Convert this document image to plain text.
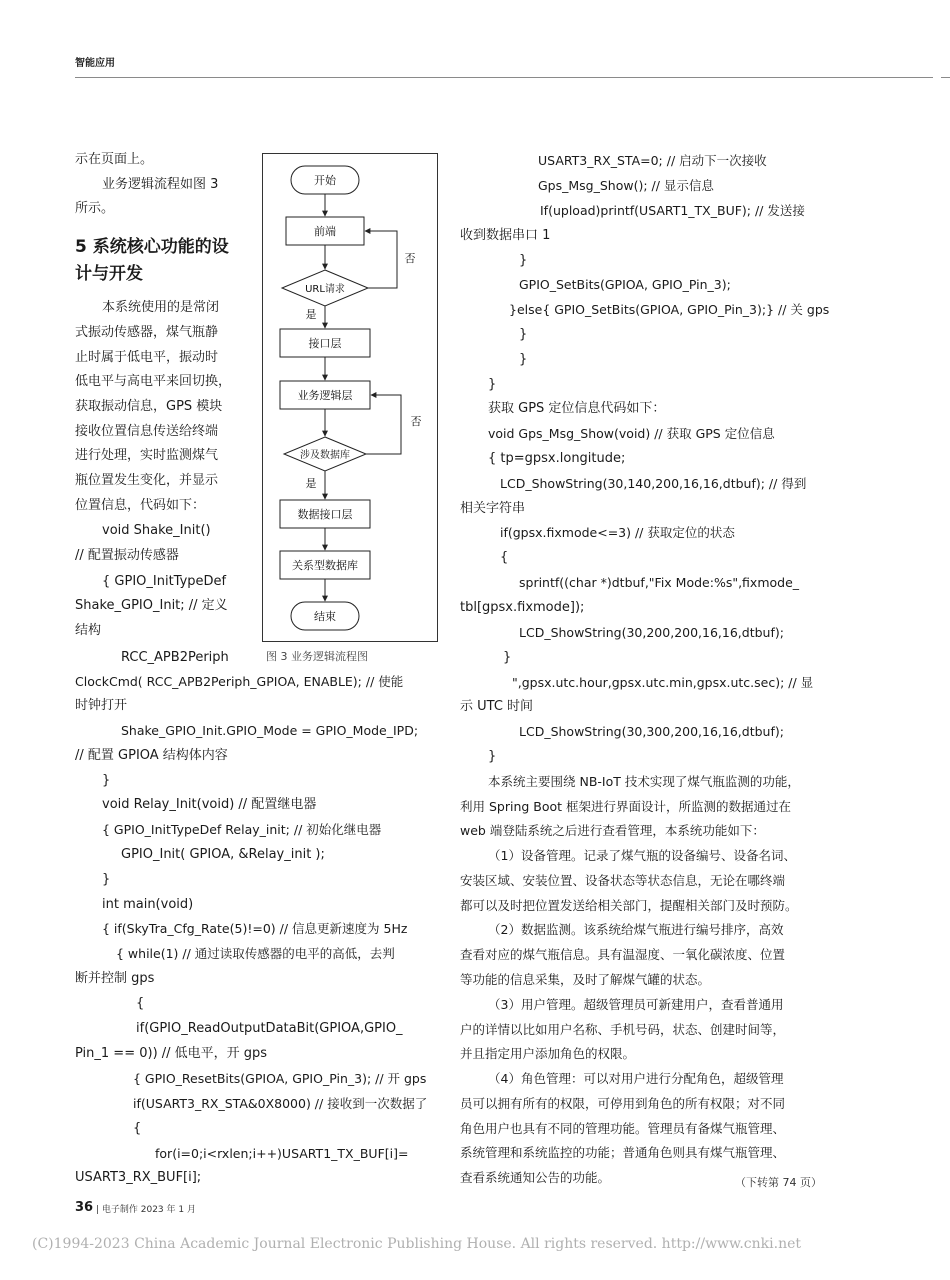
智能应用
示在页面上。
业务逻辑流程如图 3
所示。
5 系统核心功能的设
计与开发
本系统使用的是常闭
式振动传感器，煤气瓶静
止时属于低电平，振动时
低电平与高电平来回切换，
获取振动信息，GPS 模块
接收位置信息传送给终端
进行处理，实时监测煤气
瓶位置发生变化，并显示
位置信息，代码如下：
void Shake_Init()
// 配置振动传感器
{ GPIO_InitTypeDef
Shake_GPIO_Init; // 定义
结构
RCC_APB2Periph
ClockCmd( RCC_APB2Periph_GPIOA, ENABLE); // 使能
时钟打开
Shake_GPIO_Init.GPIO_Mode = GPIO_Mode_IPD;
// 配置 GPIOA 结构体内容
}
void Relay_Init(void) // 配置继电器
{ GPIO_InitTypeDef Relay_init; // 初始化继电器
GPIO_Init( GPIOA, &Relay_init );
}
int main(void)
{ if(SkyTra_Cfg_Rate(5)!=0) // 信息更新速度为 5Hz
{ while(1) // 通过读取传感器的电平的高低，去判
断并控制 gps
{
if(GPIO_ReadOutputDataBit(GPIOA,GPIO_
Pin_1 == 0)) // 低电平，开 gps
{ GPIO_ResetBits(GPIOA, GPIO_Pin_3); // 开 gps
if(USART3_RX_STA&0X8000) // 接收到一次数据了
{
for(i=0;i<rxlen;i++)USART1_TX_BUF[i]=
USART3_RX_BUF[i];
开始
前端
URL请求
接口层
业务逻辑层
涉及数据库
数据接口层
关系型数据库
结束
是
是
否
否
图 3 业务逻辑流程图
USART3_RX_STA=0; // 启动下一次接收
Gps_Msg_Show(); // 显示信息
If(upload)printf(USART1_TX_BUF); // 发送接
收到数据串口 1
}
GPIO_SetBits(GPIOA, GPIO_Pin_3);
}else{ GPIO_SetBits(GPIOA, GPIO_Pin_3);} // 关 gps
}
}
}
获取 GPS 定位信息代码如下：
void Gps_Msg_Show(void) // 获取 GPS 定位信息
{ tp=gpsx.longitude;
LCD_ShowString(30,140,200,16,16,dtbuf); // 得到
相关字符串
if(gpsx.fixmode<=3) // 获取定位的状态
{
sprintf((char *)dtbuf,"Fix Mode:%s",fixmode_
tbl[gpsx.fixmode]);
LCD_ShowString(30,200,200,16,16,dtbuf);
}
",gpsx.utc.hour,gpsx.utc.min,gpsx.utc.sec); // 显
示 UTC 时间
LCD_ShowString(30,300,200,16,16,dtbuf);
}
本系统主要围绕 NB-IoT 技术实现了煤气瓶监测的功能，
利用 Spring Boot 框架进行界面设计，所监测的数据通过在
web 端登陆系统之后进行查看管理，本系统功能如下：
（1）设备管理。记录了煤气瓶的设备编号、设备名词、
安装区域、安装位置、设备状态等状态信息，无论在哪终端
都可以及时把位置发送给相关部门，提醒相关部门及时预防。
（2）数据监测。该系统给煤气瓶进行编号排序，高效
查看对应的煤气瓶信息。具有温湿度、一氧化碳浓度、位置
等功能的信息采集，及时了解煤气罐的状态。
（3）用户管理。超级管理员可新建用户，查看普通用
户的详情以比如用户名称、手机号码，状态、创建时间等，
并且指定用户添加角色的权限。
（4）角色管理：可以对用户进行分配角色，超级管理
员可以拥有所有的权限，可停用到角色的所有权限；对不同
角色用户也具有不同的管理功能。管理员有备煤气瓶管理、
系统管理和系统监控的功能；普通角色则具有煤气瓶管理、
查看系统通知公告的功能。	（下转第 74 页）
36 | 电子制作 2023 年 1 月
(C)1994-2023 China Academic Journal Electronic Publishing House. All rights reserved. http://www.cnki.net
